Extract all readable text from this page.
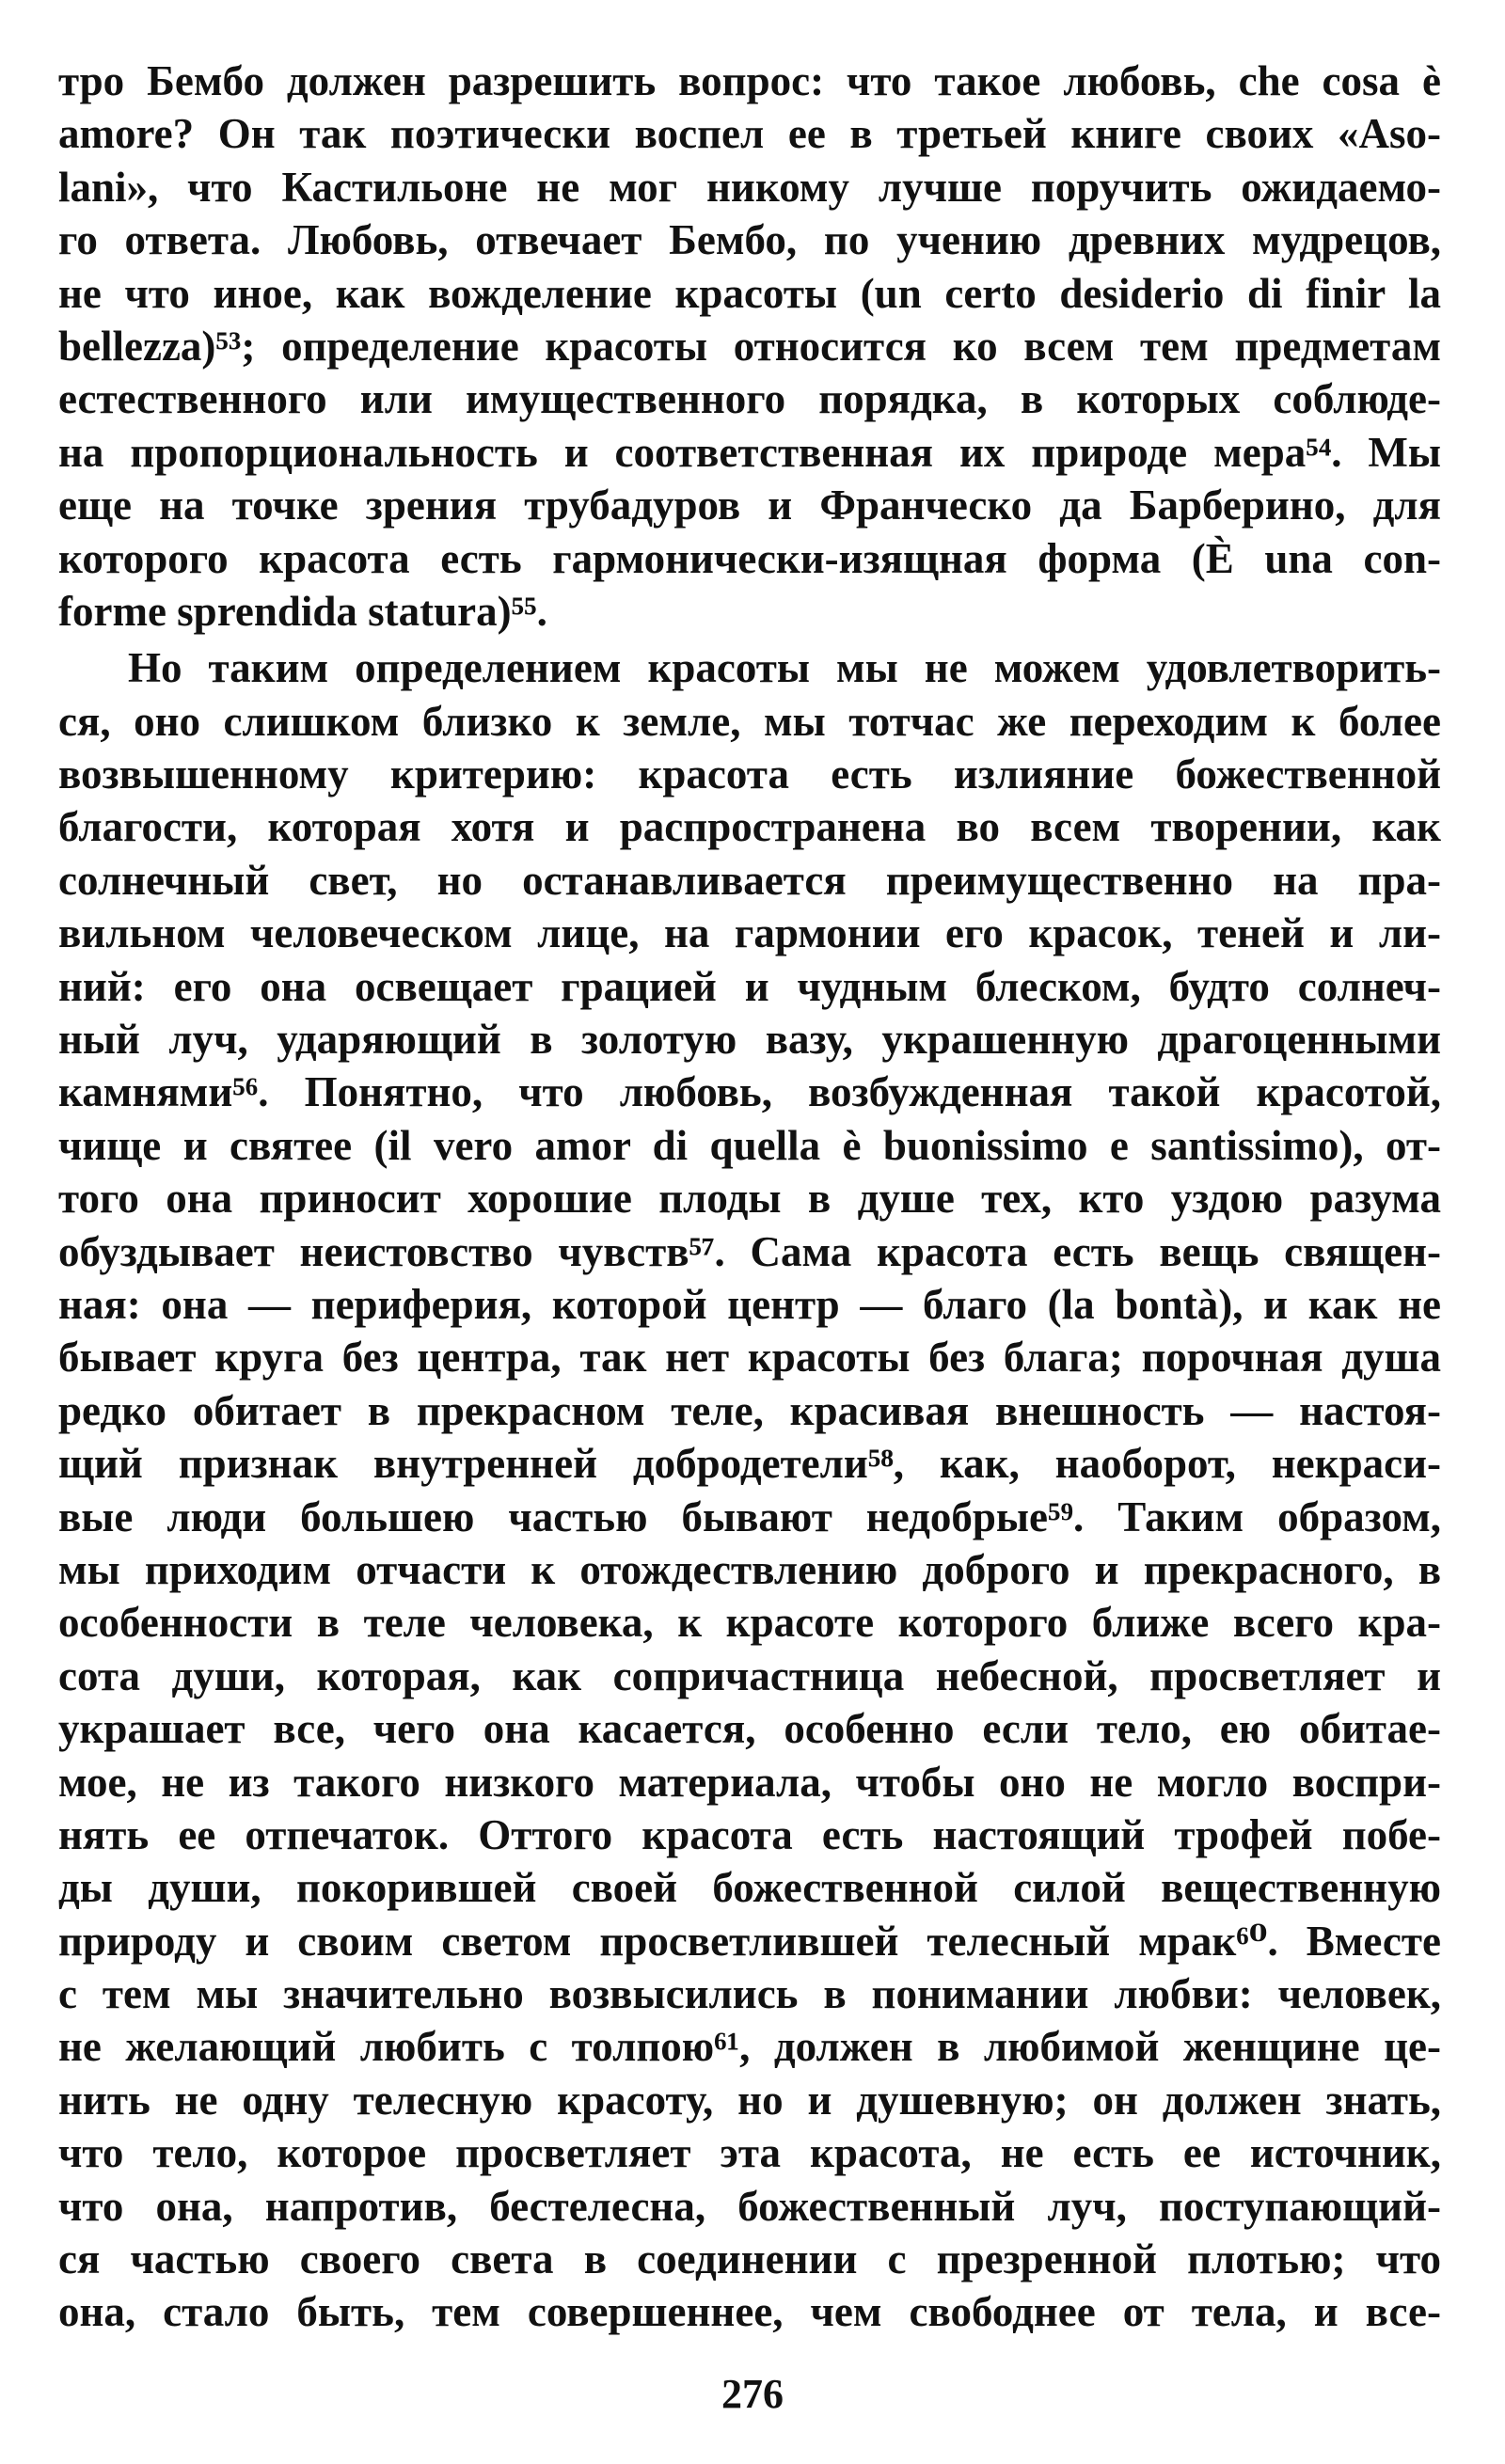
тро Бембо должен разрешить вопрос: что такое любовь, che cosa è
amore? Он так поэтически воспел ее в третьей книге своих «Aso-
lani», что Кастильоне не мог никому лучше поручить ожидаемо-
го ответа. Любовь, отвечает Бембо, по учению древних мудрецов,
не что иное, как вожделение красоты (un certo desiderio di finir la
bellezza)⁵³; определение красоты относится ко всем тем предметам
естественного или имущественного порядка, в которых соблюде-
на пропорциональность и соответственная их природе мера⁵⁴. Мы
еще на точке зрения трубадуров и Франческо да Барберино, для
которого красота есть гармонически-изящная форма (È una con-
forme sprendida statura)⁵⁵.
Но таким определением красоты мы не можем удовлетворить-
ся, оно слишком близко к земле, мы тотчас же переходим к более
возвышенному критерию: красота есть излияние божественной
благости, которая хотя и распространена во всем творении, как
солнечный свет, но останавливается преимущественно на пра-
вильном человеческом лице, на гармонии его красок, теней и ли-
ний: его она освещает грацией и чудным блеском, будто солнеч-
ный луч, ударяющий в золотую вазу, украшенную драгоценными
камнями⁵⁶. Понятно, что любовь, возбужденная такой красотой,
чище и святее (il vero amor di quella è buonissimo e santissimo), от-
того она приносит хорошие плоды в душе тех, кто уздою разума
обуздывает неистовство чувств⁵⁷. Сама красота есть вещь священ-
ная: она — периферия, которой центр — благо (la bontà), и как не
бывает круга без центра, так нет красоты без блага; порочная душа
редко обитает в прекрасном теле, красивая внешность — настоя-
щий признак внутренней добродетели⁵⁸, как, наоборот, некраси-
вые люди большею частью бывают недобрые⁵⁹. Таким образом,
мы приходим отчасти к отождествлению доброго и прекрасного, в
особенности в теле человека, к красоте которого ближе всего кра-
сота души, которая, как сопричастница небесной, просветляет и
украшает все, чего она касается, особенно если тело, ею обитае-
мое, не из такого низкого материала, чтобы оно не могло воспри-
нять ее отпечаток. Оттого красота есть настоящий трофей побе-
ды души, покорившей своей божественной силой вещественную
природу и своим светом просветлившей телесный мрак⁶⁰. Вместе
с тем мы значительно возвысились в понимании любви: человек,
не желающий любить с толпою⁶¹, должен в любимой женщине це-
нить не одну телесную красоту, но и душевную; он должен знать,
что тело, которое просветляет эта красота, не есть ее источник,
что она, напротив, бестелесна, божественный луч, поступающий-
ся частью своего света в соединении с презренной плотью; что
она, стало быть, тем совершеннее, чем свободнее от тела, и все-
276
